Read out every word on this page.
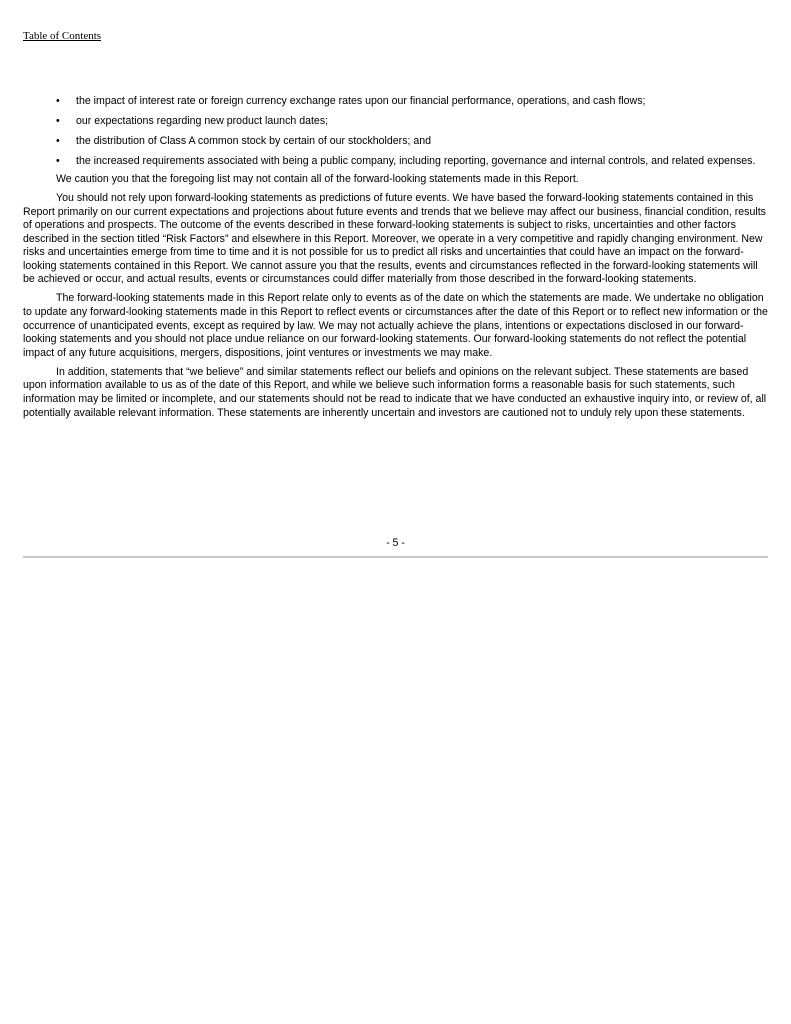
Table of Contents
• the impact of interest rate or foreign currency exchange rates upon our financial performance, operations, and cash flows;
• our expectations regarding new product launch dates;
• the distribution of Class A common stock by certain of our stockholders; and
• the increased requirements associated with being a public company, including reporting, governance and internal controls, and related expenses.

We caution you that the foregoing list may not contain all of the forward-looking statements made in this Report.

You should not rely upon forward-looking statements as predictions of future events. We have based the forward-looking statements contained in this Report primarily on our current expectations and projections about future events and trends that we believe may affect our business, financial condition, results of operations and prospects. The outcome of the events described in these forward-looking statements is subject to risks, uncertainties and other factors described in the section titled “Risk Factors” and elsewhere in this Report. Moreover, we operate in a very competitive and rapidly changing environment. New risks and uncertainties emerge from time to time and it is not possible for us to predict all risks and uncertainties that could have an impact on the forward-looking statements contained in this Report. We cannot assure you that the results, events and circumstances reflected in the forward-looking statements will be achieved or occur, and actual results, events or circumstances could differ materially from those described in the forward-looking statements.

The forward-looking statements made in this Report relate only to events as of the date on which the statements are made. We undertake no obligation to update any forward-looking statements made in this Report to reflect events or circumstances after the date of this Report or to reflect new information or the occurrence of unanticipated events, except as required by law. We may not actually achieve the plans, intentions or expectations disclosed in our forward-looking statements and you should not place undue reliance on our forward-looking statements. Our forward-looking statements do not reflect the potential impact of any future acquisitions, mergers, dispositions, joint ventures or investments we may make.

In addition, statements that “we believe” and similar statements reflect our beliefs and opinions on the relevant subject. These statements are based upon information available to us as of the date of this Report, and while we believe such information forms a reasonable basis for such statements, such information may be limited or incomplete, and our statements should not be read to indicate that we have conducted an exhaustive inquiry into, or review of, all potentially available relevant information. These statements are inherently uncertain and investors are cautioned not to unduly rely upon these statements.

- 5 -
